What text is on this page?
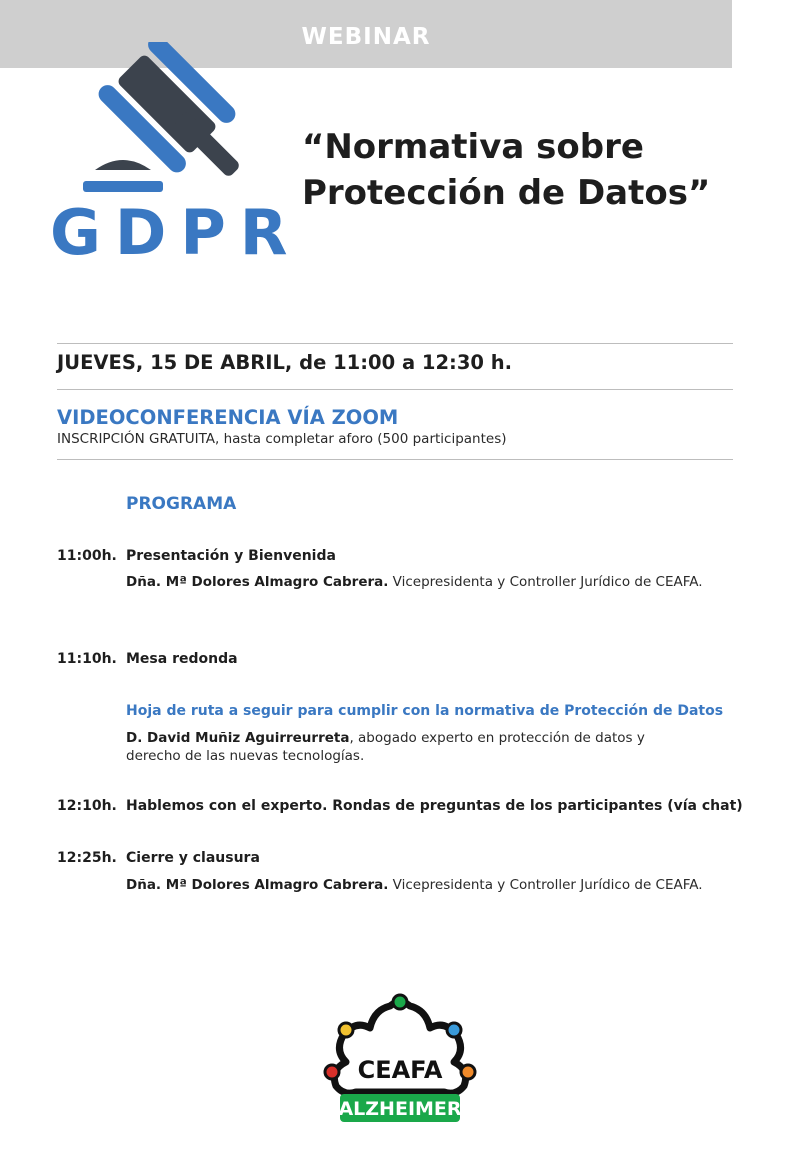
WEBINAR
GDPR
“Normativa sobre
Protección de Datos”
JUEVES, 15 DE ABRIL, de 11:00 a 12:30 h.
VIDEOCONFERENCIA VÍA ZOOM
INSCRIPCIÓN GRATUITA, hasta completar aforo (500 participantes)
PROGRAMA
11:00h. Presentación y Bienvenida
Dña. Mª Dolores Almagro Cabrera. Vicepresidenta y Controller Jurídico de CEAFA.
11:10h. Mesa redonda
Hoja de ruta a seguir para cumplir con la normativa de Protección de Datos
D. David Muñiz Aguirreurreta, abogado experto en protección de datos y
derecho de las nuevas tecnologías.
12:10h. Hablemos con el experto. Rondas de preguntas de los participantes (vía chat)
12:25h. Cierre y clausura
Dña. Mª Dolores Almagro Cabrera. Vicepresidenta y Controller Jurídico de CEAFA.
CEAFA
ALZHEIMER
